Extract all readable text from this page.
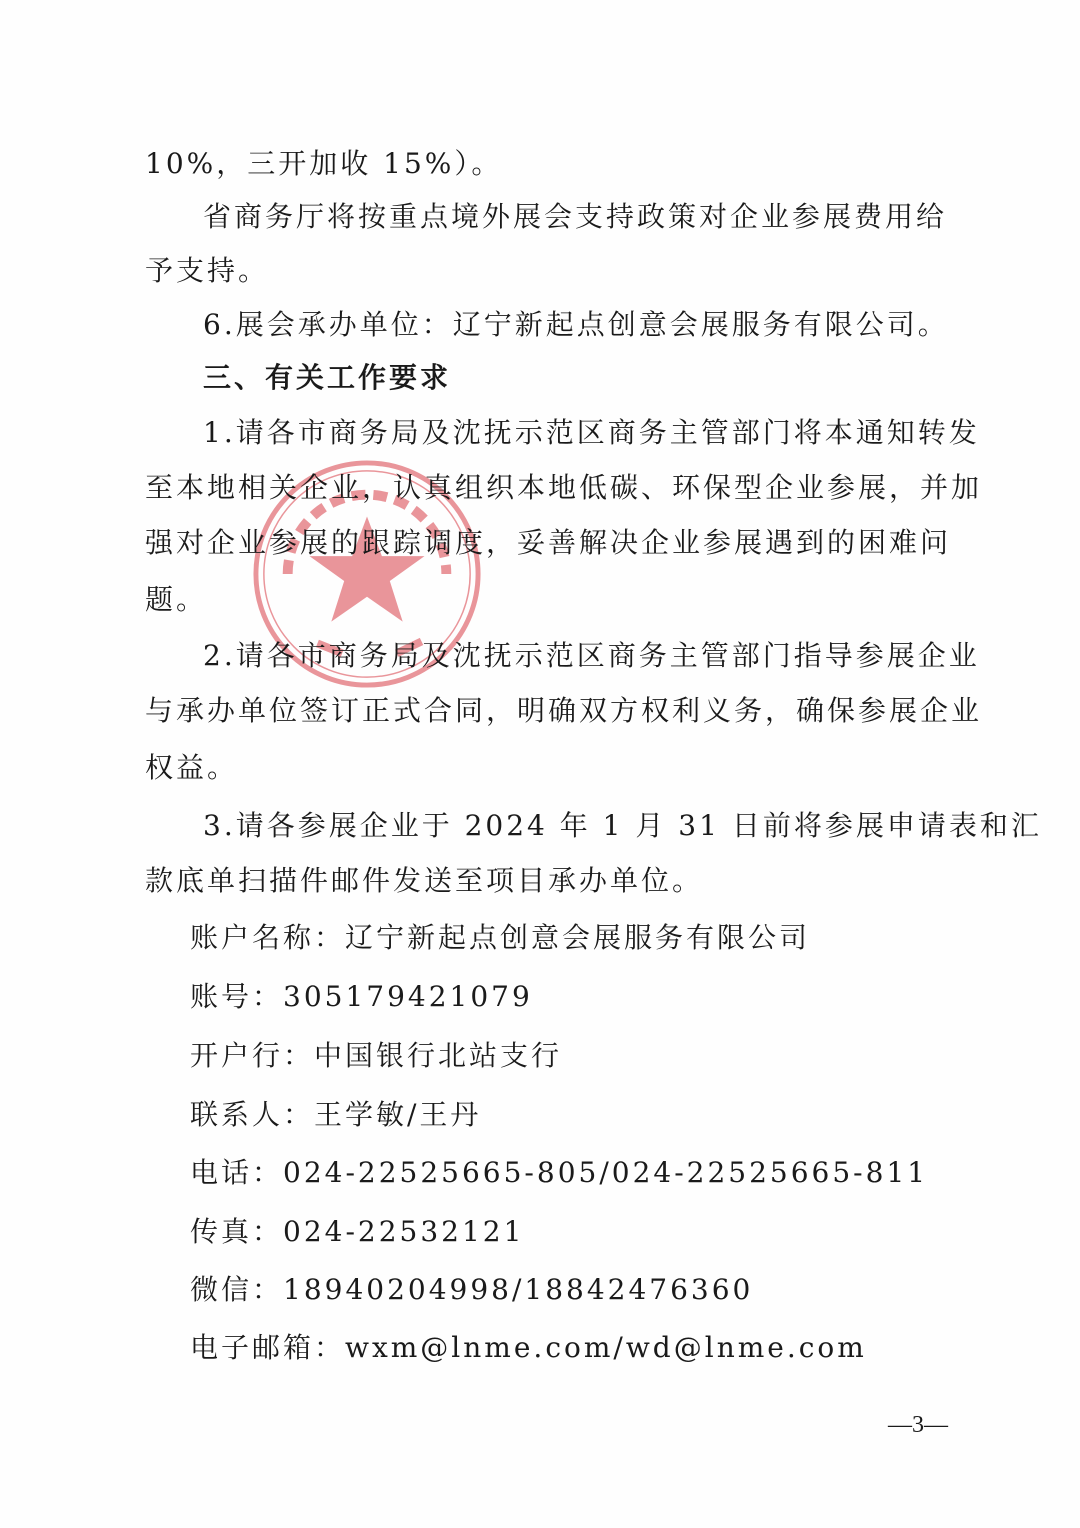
10%，三开加收 15%）。
省商务厅将按重点境外展会支持政策对企业参展费用给
予支持。
6.展会承办单位：辽宁新起点创意会展服务有限公司。
三、有关工作要求
1.请各市商务局及沈抚示范区商务主管部门将本通知转发
至本地相关企业，认真组织本地低碳、环保型企业参展，并加
强对企业参展的跟踪调度，妥善解决企业参展遇到的困难问
题。
2.请各市商务局及沈抚示范区商务主管部门指导参展企业
与承办单位签订正式合同，明确双方权利义务，确保参展企业
权益。
3.请各参展企业于 2024 年 1 月 31 日前将参展申请表和汇
款底单扫描件邮件发送至项目承办单位。
账户名称：辽宁新起点创意会展服务有限公司
账号：305179421079
开户行：中国银行北站支行
联系人：王学敏/王丹
电话：024-22525665-805/024-22525665-811
传真：024-22532121
微信：18940204998/18842476360
电子邮箱：wxm@lnme.com/wd@lnme.com
—3—
